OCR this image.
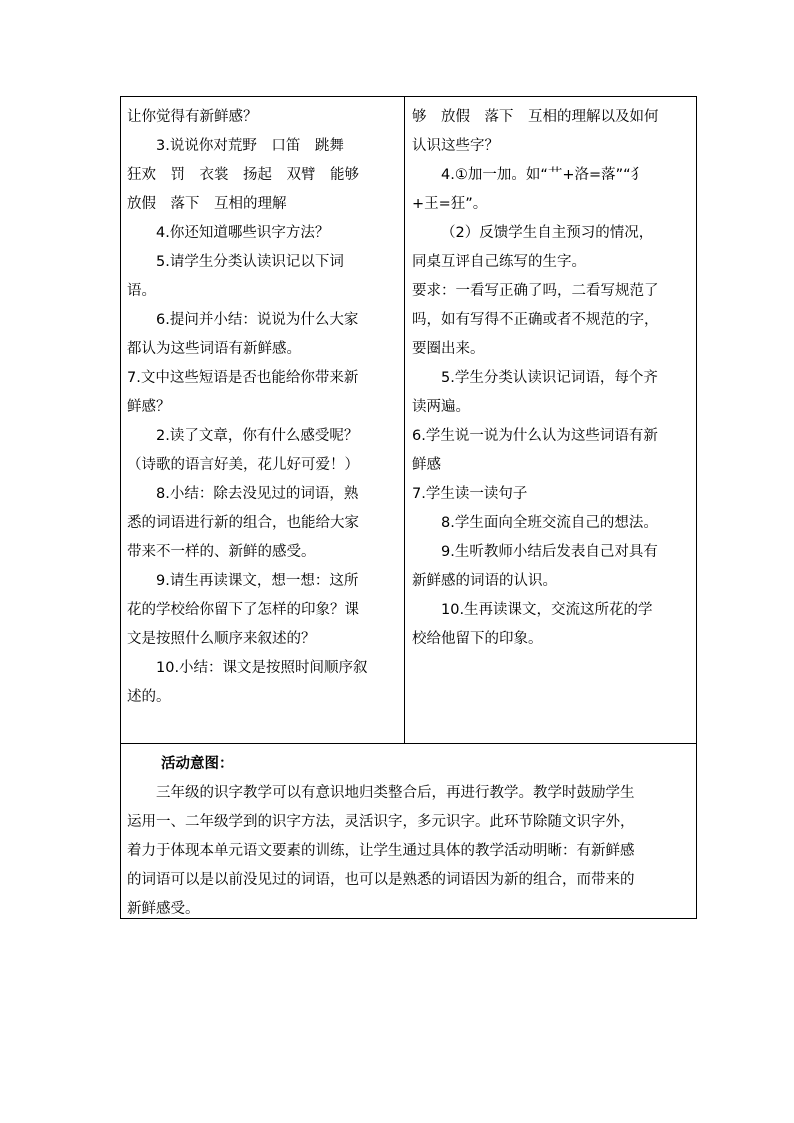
让你觉得有新鲜感？
3.说说你对荒野　口笛　跳舞
狂欢　罚　衣裳　扬起　双臂　能够
放假　落下　互相的理解
4.你还知道哪些识字方法？
5.请学生分类认读识记以下词
语。
6.提问并小结：说说为什么大家
都认为这些词语有新鲜感。
7.文中这些短语是否也能给你带来新
鲜感？
2.读了文章，你有什么感受呢？
（诗歌的语言好美，花儿好可爱！）
8.小结：除去没见过的词语，熟
悉的词语进行新的组合，也能给大家
带来不一样的、新鲜的感受。
9.请生再读课文，想一想：这所
花的学校给你留下了怎样的印象？课
文是按照什么顺序来叙述的？
10.小结：课文是按照时间顺序叙
述的。
够　放假　落下　互相的理解以及如何
认识这些字？
4.①加一加。如“艹+洛=落”“犭
+王=狂”。
（2）反馈学生自主预习的情况，
同桌互评自己练写的生字。
要求：一看写正确了吗，二看写规范了
吗，如有写得不正确或者不规范的字，
要圈出来。
5.学生分类认读识记词语，每个齐
读两遍。
6.学生说一说为什么认为这些词语有新
鲜感
7.学生读一读句子
8.学生面向全班交流自己的想法。
9.生听教师小结后发表自己对具有
新鲜感的词语的认识。
10.生再读课文，交流这所花的学
校给他留下的印象。
活动意图：
三年级的识字教学可以有意识地归类整合后，再进行教学。教学时鼓励学生
运用一、二年级学到的识字方法，灵活识字，多元识字。此环节除随文识字外，
着力于体现本单元语文要素的训练，让学生通过具体的教学活动明晰：有新鲜感
的词语可以是以前没见过的词语，也可以是熟悉的词语因为新的组合，而带来的
新鲜感受。
